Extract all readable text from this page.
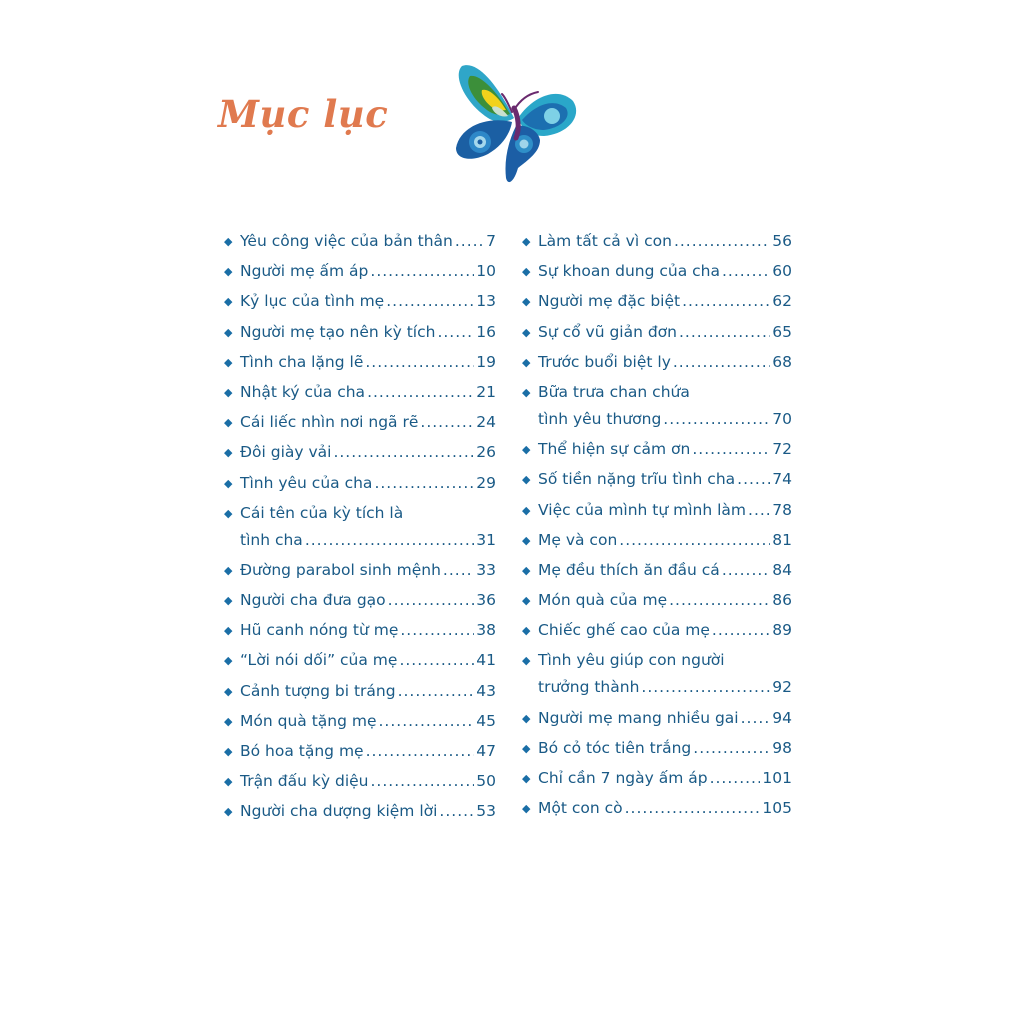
Mục lục
◆ Yêu công việc của bản thân ..... 7
◆ Người mẹ ấm áp .....	10
◆ Kỷ lục của tình mẹ .....	13
◆ Người mẹ tạo nên kỳ tích .....	16
◆ Tình cha lặng lẽ .....	19
◆ Nhật ký của cha .....	21
◆ Cái liếc nhìn nơi ngã rẽ .....	24
◆ Đôi giày vải .....	26
◆ Tình yêu của cha .....	29
◆ Cái tên của kỳ tích là
tình cha .....	31
◆ Đường parabol sinh mệnh ..... 33
◆ Người cha đưa gạo .....	36
◆ Hũ canh nóng từ mẹ .....	38
◆ “Lời nói dối” của mẹ .....	41
◆ Cảnh tượng bi tráng .....	43
◆ Món quà tặng mẹ .....	45
◆ Bó hoa tặng mẹ .....	47
◆ Trận đấu kỳ diệu .....	50
◆ Người cha dượng kiệm lời .....	53
◆ Làm tất cả vì con .....	56
◆ Sự khoan dung của cha .....	60
◆ Người mẹ đặc biệt .....	62
◆ Sự cổ vũ giản đơn .....	65
◆ Trước buổi biệt ly .....	68
◆ Bữa trưa chan chứa
tình yêu thương .....	70
◆ Thể hiện sự cảm ơn .....	72
◆ Số tiền nặng trĩu tình cha ..... 74
◆ Việc của mình tự mình làm ..... 78
◆ Mẹ và con .....	81
◆ Mẹ đều thích ăn đầu cá .....	84
◆ Món quà của mẹ .....	86
◆ Chiếc ghế cao của mẹ .....	89
◆ Tình yêu giúp con người
trưởng thành .....	92
◆ Người mẹ mang nhiều gai ..... 94
◆ Bó cỏ tóc tiên trắng .....	98
◆ Chỉ cần 7 ngày ấm áp .....	101
◆ Một con cò .....	105
